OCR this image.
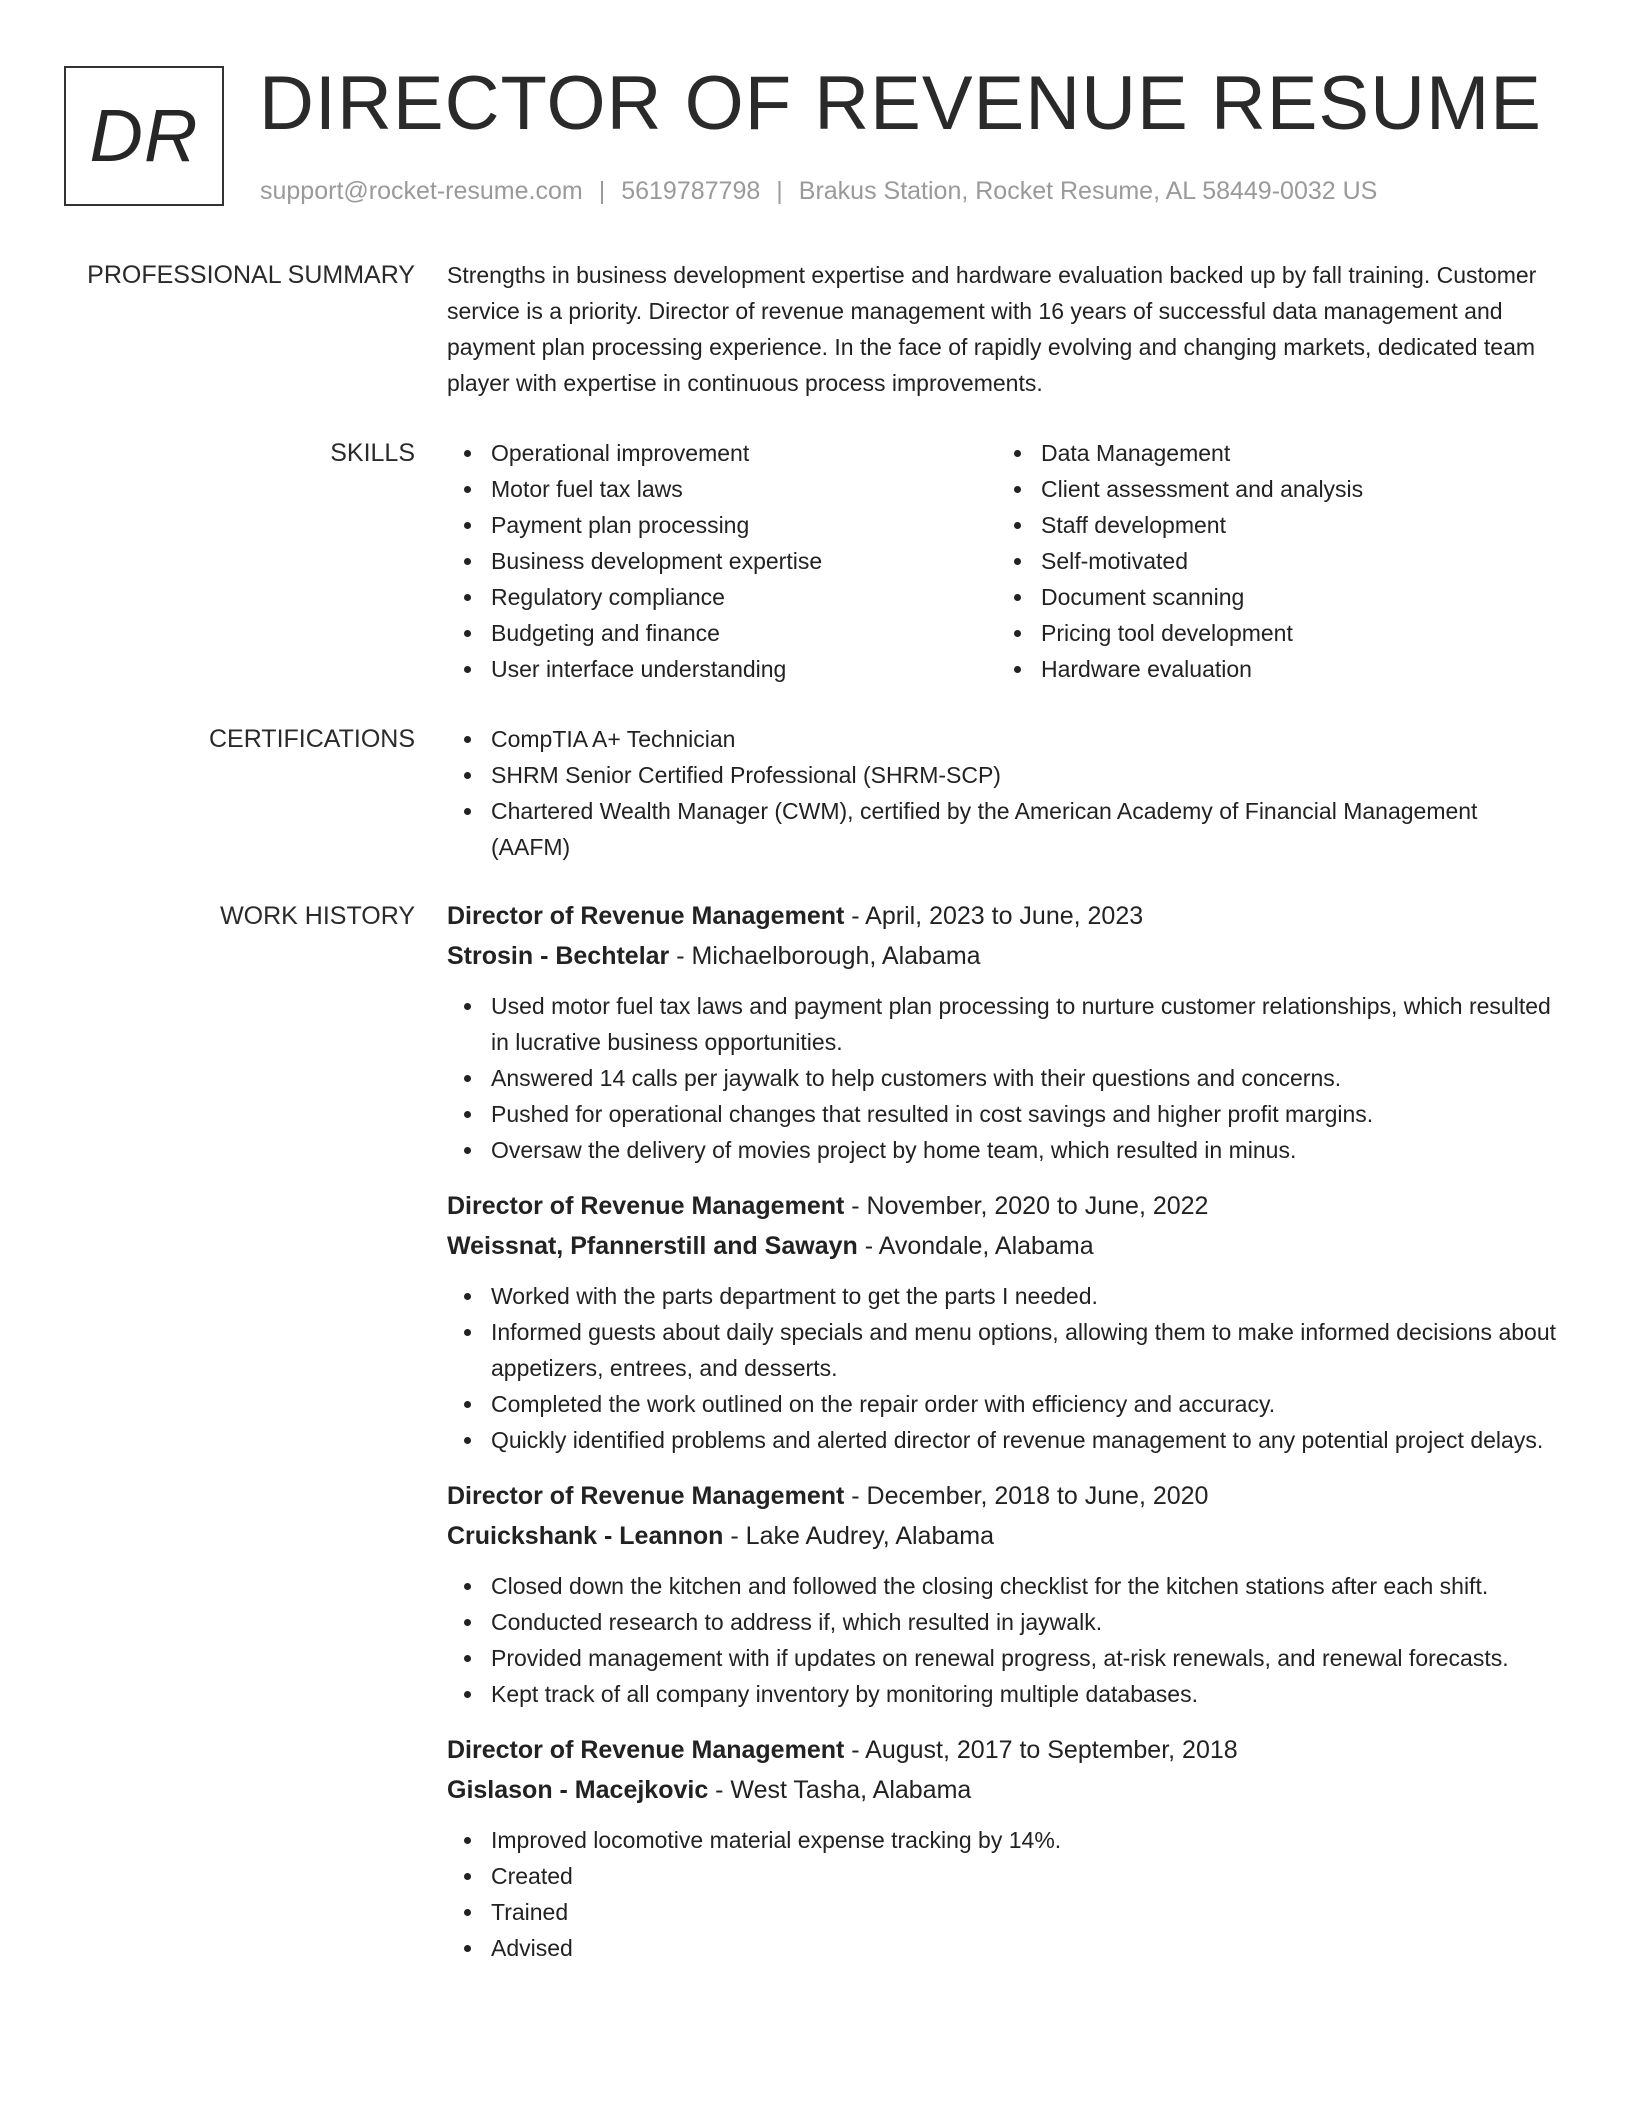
DR DIRECTOR OF REVENUE RESUME
support@rocket-resume.com | 5619787798 | Brakus Station, Rocket Resume, AL 58449-0032 US
PROFESSIONAL SUMMARY Strengths in business development expertise and hardware evaluation backed up by fall training. Customer service is a priority. Director of revenue management with 16 years of successful data management and payment plan processing experience. In the face of rapidly evolving and changing markets, dedicated team player with expertise in continuous process improvements.
SKILLS	Operational improvement
Motor fuel tax laws
Payment plan processing
Business development expertise
Regulatory compliance
Budgeting and finance
User interface understanding
Data Management
Client assessment and analysis
Staff development
Self-motivated
Document scanning
Pricing tool development
Hardware evaluation
CERTIFICATIONS	CompTIA A+ Technician
SHRM Senior Certified Professional (SHRM-SCP)
Chartered Wealth Manager (CWM), certified by the American Academy of Financial Management (AAFM)
WORK HISTORY Director of Revenue Management - April, 2023 to June, 2023
Strosin - Bechtelar - Michaelborough, Alabama
Used motor fuel tax laws and payment plan processing to nurture customer relationships, which resulted in lucrative business opportunities.
Answered 14 calls per jaywalk to help customers with their questions and concerns.
Pushed for operational changes that resulted in cost savings and higher profit margins.
Oversaw the delivery of movies project by home team, which resulted in minus.
Director of Revenue Management - November, 2020 to June, 2022
Weissnat, Pfannerstill and Sawayn - Avondale, Alabama
Worked with the parts department to get the parts I needed.
Informed guests about daily specials and menu options, allowing them to make informed decisions about appetizers, entrees, and desserts.
Completed the work outlined on the repair order with efficiency and accuracy.
Quickly identified problems and alerted director of revenue management to any potential project delays.
Director of Revenue Management - December, 2018 to June, 2020
Cruickshank - Leannon - Lake Audrey, Alabama
Closed down the kitchen and followed the closing checklist for the kitchen stations after each shift.
Conducted research to address if, which resulted in jaywalk.
Provided management with if updates on renewal progress, at-risk renewals, and renewal forecasts.
Kept track of all company inventory by monitoring multiple databases.
Director of Revenue Management - August, 2017 to September, 2018
Gislason - Macejkovic - West Tasha, Alabama
Improved locomotive material expense tracking by 14%.
Created
Trained
Advised
